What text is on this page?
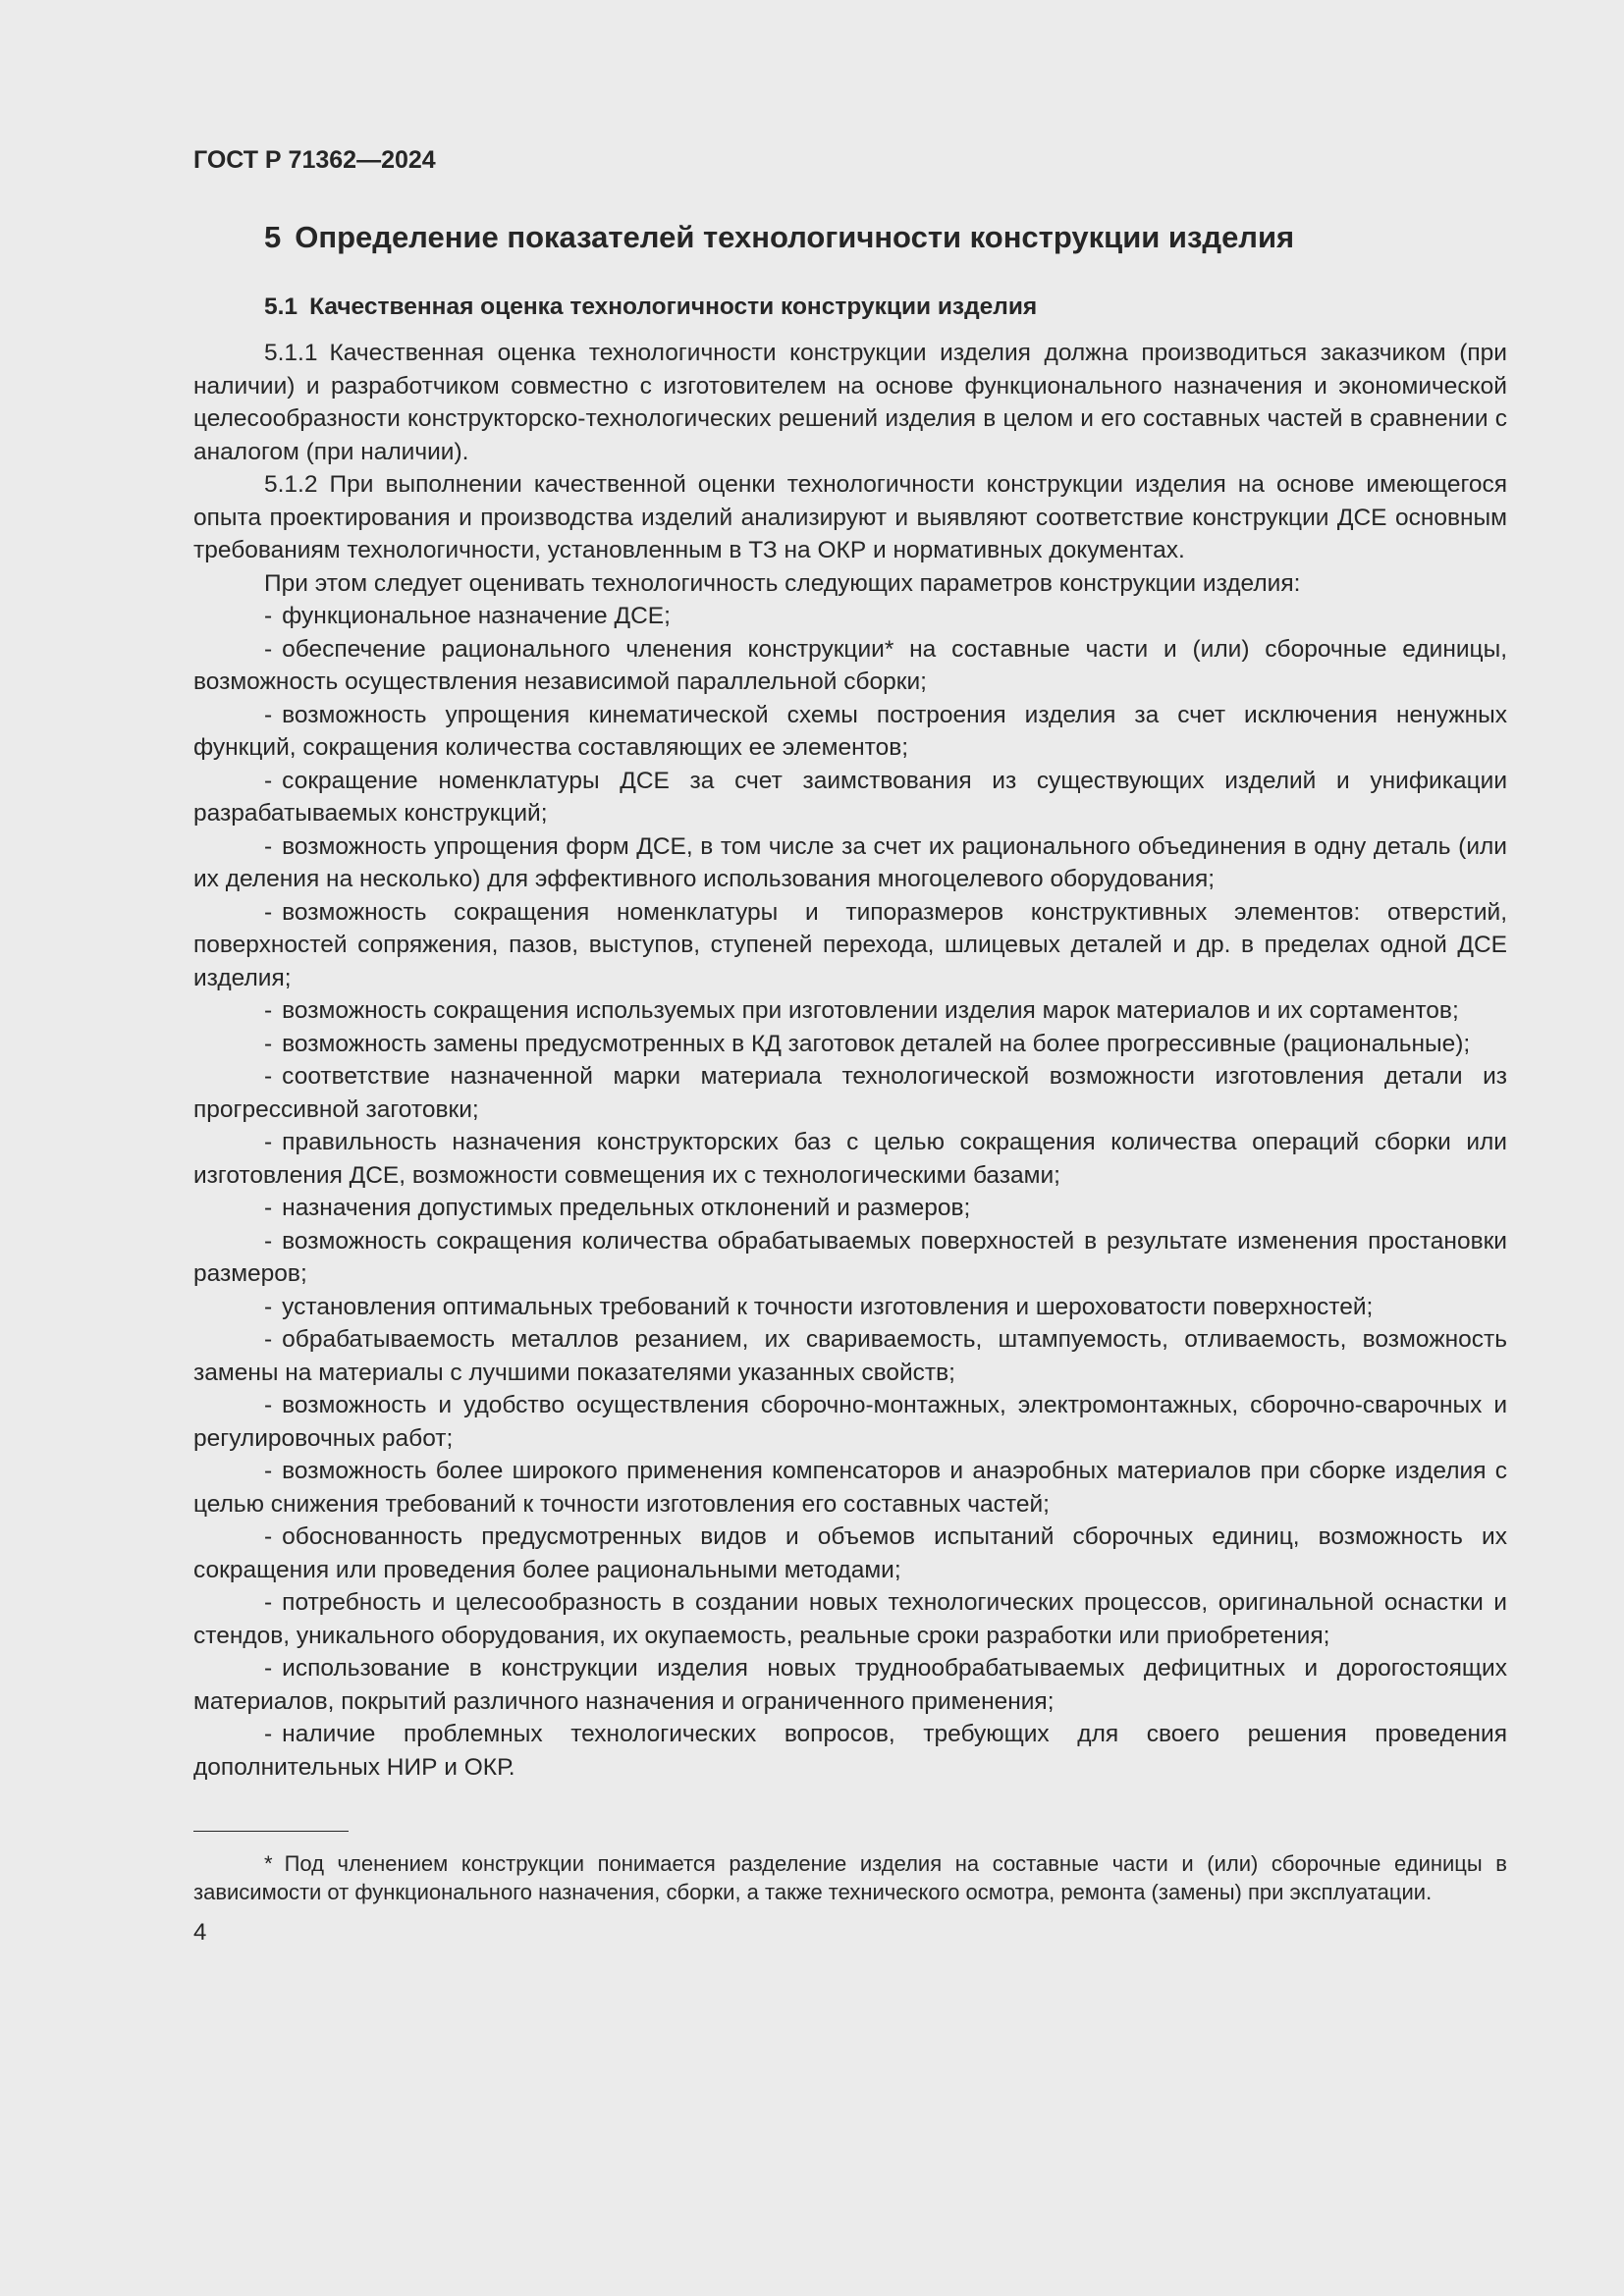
ГОСТ Р 71362—2024
5 Определение показателей технологичности конструкции изделия
5.1 Качественная оценка технологичности конструкции изделия

5.1.1 Качественная оценка технологичности конструкции изделия должна производиться заказчиком (при наличии) и разработчиком совместно с изготовителем на основе функционального назначения и экономической целесообразности конструкторско-технологических решений изделия в целом и его составных частей в сравнении с аналогом (при наличии).

5.1.2 При выполнении качественной оценки технологичности конструкции изделия на основе имеющегося опыта проектирования и производства изделий анализируют и выявляют соответствие конструкции ДСЕ основным требованиям технологичности, установленным в ТЗ на ОКР и нормативных документах.

При этом следует оценивать технологичность следующих параметров конструкции изделия:

- функциональное назначение ДСЕ;

- обеспечение рационального членения конструкции* на составные части и (или) сборочные единицы, возможность осуществления независимой параллельной сборки;

- возможность упрощения кинематической схемы построения изделия за счет исключения ненужных функций, сокращения количества составляющих ее элементов;

- сокращение номенклатуры ДСЕ за счет заимствования из существующих изделий и унификации разрабатываемых конструкций;

- возможность упрощения форм ДСЕ, в том числе за счет их рационального объединения в одну деталь (или их деления на несколько) для эффективного использования многоцелевого оборудования;

- возможность сокращения номенклатуры и типоразмеров конструктивных элементов: отверстий, поверхностей сопряжения, пазов, выступов, ступеней перехода, шлицевых деталей и др. в пределах одной ДСЕ изделия;

- возможность сокращения используемых при изготовлении изделия марок материалов и их сортаментов;

- возможность замены предусмотренных в КД заготовок деталей на более прогрессивные (рациональные);

- соответствие назначенной марки материала технологической возможности изготовления детали из прогрессивной заготовки;

- правильность назначения конструкторских баз с целью сокращения количества операций сборки или изготовления ДСЕ, возможности совмещения их с технологическими базами;

- назначения допустимых предельных отклонений и размеров;

- возможность сокращения количества обрабатываемых поверхностей в результате изменения простановки размеров;

- установления оптимальных требований к точности изготовления и шероховатости поверхностей;

- обрабатываемость металлов резанием, их свариваемость, штампуемость, отливаемость, возможность замены на материалы с лучшими показателями указанных свойств;

- возможность и удобство осуществления сборочно-монтажных, электромонтажных, сборочно-сварочных и регулировочных работ;

- возможность более широкого применения компенсаторов и анаэробных материалов при сборке изделия с целью снижения требований к точности изготовления его составных частей;

- обоснованность предусмотренных видов и объемов испытаний сборочных единиц, возможность их сокращения или проведения более рациональными методами;

- потребность и целесообразность в создании новых технологических процессов, оригинальной оснастки и стендов, уникального оборудования, их окупаемость, реальные сроки разработки или приобретения;

- использование в конструкции изделия новых труднообрабатываемых дефицитных и дорогостоящих материалов, покрытий различного назначения и ограниченного применения;

- наличие проблемных технологических вопросов, требующих для своего решения проведения дополнительных НИР и ОКР.

* Под членением конструкции понимается разделение изделия на составные части и (или) сборочные единицы в зависимости от функционального назначения, сборки, а также технического осмотра, ремонта (замены) при эксплуатации.

4
